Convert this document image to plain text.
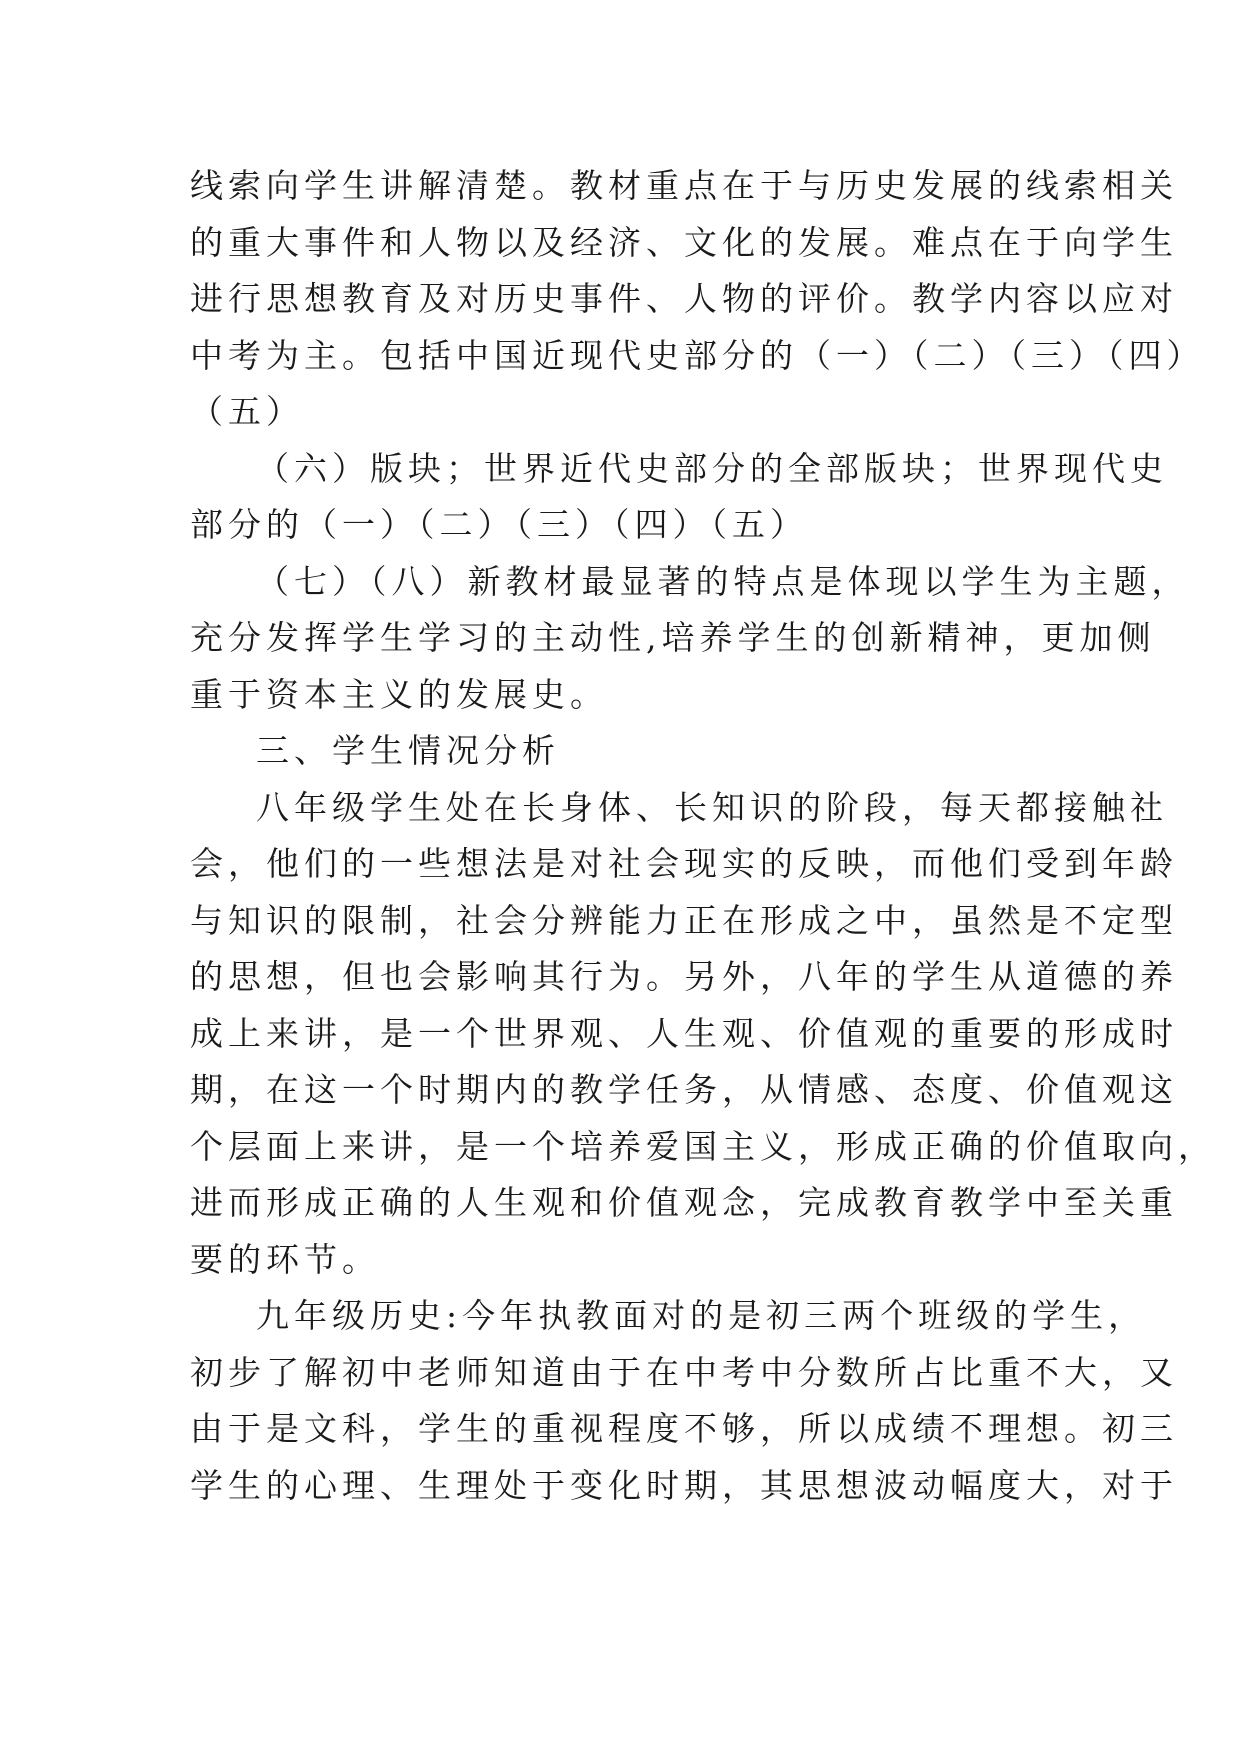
线索向学生讲解清楚。教材重点在于与历史发展的线索相关
的重大事件和人物以及经济、文化的发展。难点在于向学生
进行思想教育及对历史事件、人物的评价。教学内容以应对
中考为主。包括中国近现代史部分的（一）（二）（三）（四）
（五）
（六）版块；世界近代史部分的全部版块；世界现代史
部分的（一）（二）（三）（四）（五）
（七）（八）新教材最显著的特点是体现以学生为主题，
充分发挥学生学习的主动性,培养学生的创新精神，更加侧
重于资本主义的发展史。
三、学生情况分析
八年级学生处在长身体、长知识的阶段，每天都接触社
会，他们的一些想法是对社会现实的反映，而他们受到年龄
与知识的限制，社会分辨能力正在形成之中，虽然是不定型
的思想，但也会影响其行为。另外，八年的学生从道德的养
成上来讲，是一个世界观、人生观、价值观的重要的形成时
期，在这一个时期内的教学任务，从情感、态度、价值观这
个层面上来讲，是一个培养爱国主义，形成正确的价值取向，
进而形成正确的人生观和价值观念，完成教育教学中至关重
要的环节。
九年级历史:今年执教面对的是初三两个班级的学生，
初步了解初中老师知道由于在中考中分数所占比重不大，又
由于是文科，学生的重视程度不够，所以成绩不理想。初三
学生的心理、生理处于变化时期，其思想波动幅度大，对于
